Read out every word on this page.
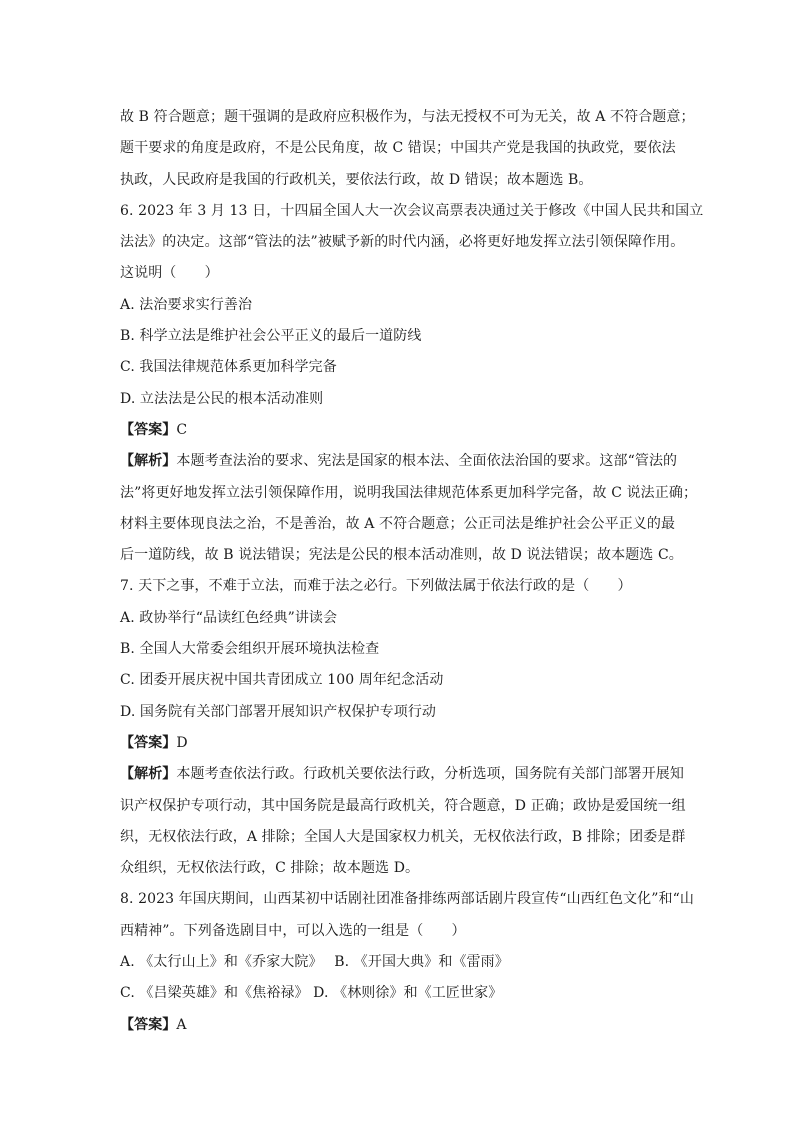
故 B 符合题意；题干强调的是政府应积极作为，与法无授权不可为无关，故 A 不符合题意；
题干要求的角度是政府，不是公民角度，故 C 错误；中国共产党是我国的执政党，要依法
执政，人民政府是我国的行政机关，要依法行政，故 D 错误；故本题选 B。
6. 2023 年 3 月 13 日，十四届全国人大一次会议高票表决通过关于修改《中国人民共和国立
法法》的决定。这部“管法的法”被赋予新的时代内涵，必将更好地发挥立法引领保障作用。
这说明（　　）
A. 法治要求实行善治
B. 科学立法是维护社会公平正义的最后一道防线
C. 我国法律规范体系更加科学完备
D. 立法法是公民的根本活动准则
【答案】C
【解析】本题考查法治的要求、宪法是国家的根本法、全面依法治国的要求。这部“管法的
法”将更好地发挥立法引领保障作用，说明我国法律规范体系更加科学完备，故 C 说法正确；
材料主要体现良法之治，不是善治，故 A 不符合题意；公正司法是维护社会公平正义的最
后一道防线，故 B 说法错误；宪法是公民的根本活动准则，故 D 说法错误；故本题选 C。
7. 天下之事，不难于立法，而难于法之必行。下列做法属于依法行政的是（　　）
A. 政协举行“品读红色经典”讲读会
B. 全国人大常委会组织开展环境执法检查
C. 团委开展庆祝中国共青团成立 100 周年纪念活动
D. 国务院有关部门部署开展知识产权保护专项行动
【答案】D
【解析】本题考查依法行政。行政机关要依法行政，分析选项，国务院有关部门部署开展知
识产权保护专项行动，其中国务院是最高行政机关，符合题意，D 正确；政协是爱国统一组
织，无权依法行政，A 排除；全国人大是国家权力机关，无权依法行政，B 排除；团委是群
众组织，无权依法行政，C 排除；故本题选 D。
8. 2023 年国庆期间，山西某初中话剧社团准备排练两部话剧片段宣传“山西红色文化”和“山
西精神”。下列备选剧目中，可以入选的一组是（　　）
A. 《太行山上》和《乔家大院》　 B. 《开国大典》和《雷雨》
C. 《吕梁英雄》和《焦裕禄》 D. 《林则徐》和《工匠世家》
【答案】A
